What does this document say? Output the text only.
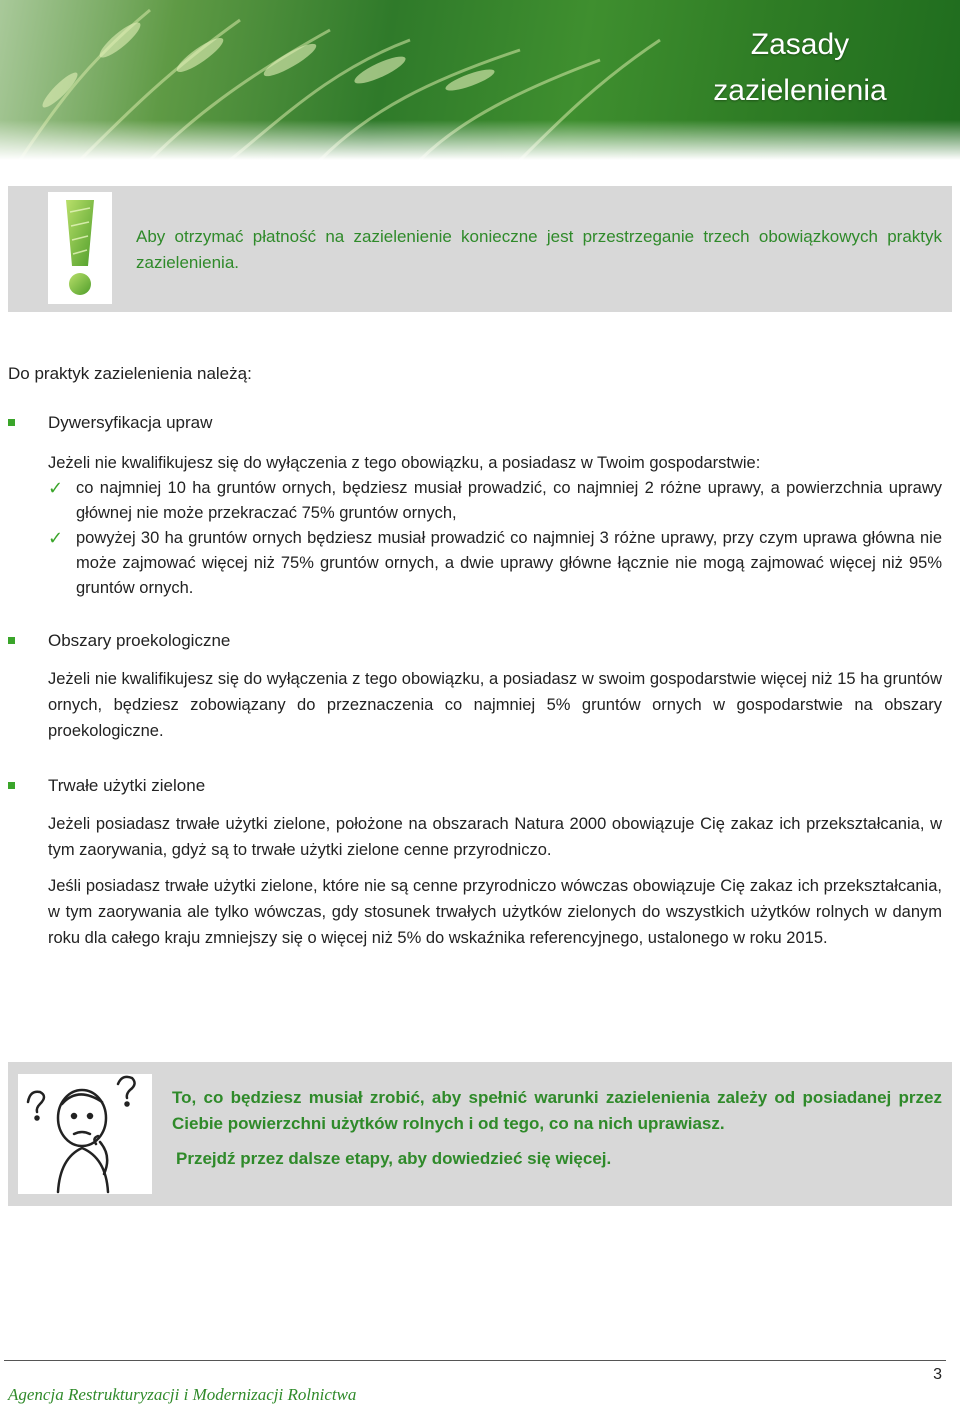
Zasady
zazielenienia
Aby otrzymać płatność na zazielenienie konieczne jest przestrzeganie trzech obowiązkowych praktyk zazielenienia.
Do praktyk zazielenienia należą:
Dywersyfikacja upraw
Jeżeli nie kwalifikujesz się do wyłączenia z tego obowiązku, a posiadasz w Twoim gospodarstwie:
✓ co najmniej 10 ha gruntów ornych, będziesz musiał prowadzić, co najmniej 2 różne uprawy, a powierzchnia uprawy głównej nie może przekraczać 75% gruntów ornych,
✓ powyżej 30 ha gruntów ornych będziesz musiał prowadzić co najmniej 3 różne uprawy, przy czym uprawa główna nie może zajmować więcej niż 75% gruntów ornych, a dwie uprawy główne łącznie nie mogą zajmować więcej niż 95% gruntów ornych.
Obszary proekologiczne
Jeżeli nie kwalifikujesz się do wyłączenia z tego obowiązku, a posiadasz w swoim gospodarstwie więcej niż 15 ha gruntów ornych, będziesz zobowiązany do przeznaczenia co najmniej 5% gruntów ornych w gospodarstwie na obszary proekologiczne.
Trwałe użytki zielone
Jeżeli posiadasz trwałe użytki zielone, położone na obszarach Natura 2000 obowiązuje Cię zakaz ich przekształcania, w tym zaorywania, gdyż są to trwałe użytki zielone cenne przyrodniczo.
Jeśli posiadasz trwałe użytki zielone, które nie są cenne przyrodniczo wówczas obowiązuje Cię zakaz ich przekształcania, w tym zaorywania ale tylko wówczas, gdy stosunek trwałych użytków zielonych do wszystkich użytków rolnych w danym roku dla całego kraju zmniejszy się o więcej niż 5% do wskaźnika referencyjnego, ustalonego w roku 2015.
To, co będziesz musiał zrobić, aby spełnić warunki zazielenienia zależy od posiadanej przez Ciebie powierzchni użytków rolnych i od tego, co na nich uprawiasz.
Przejdź przez dalsze etapy, aby dowiedzieć się więcej.
3
Agencja Restrukturyzacji i Modernizacji Rolnictwa
